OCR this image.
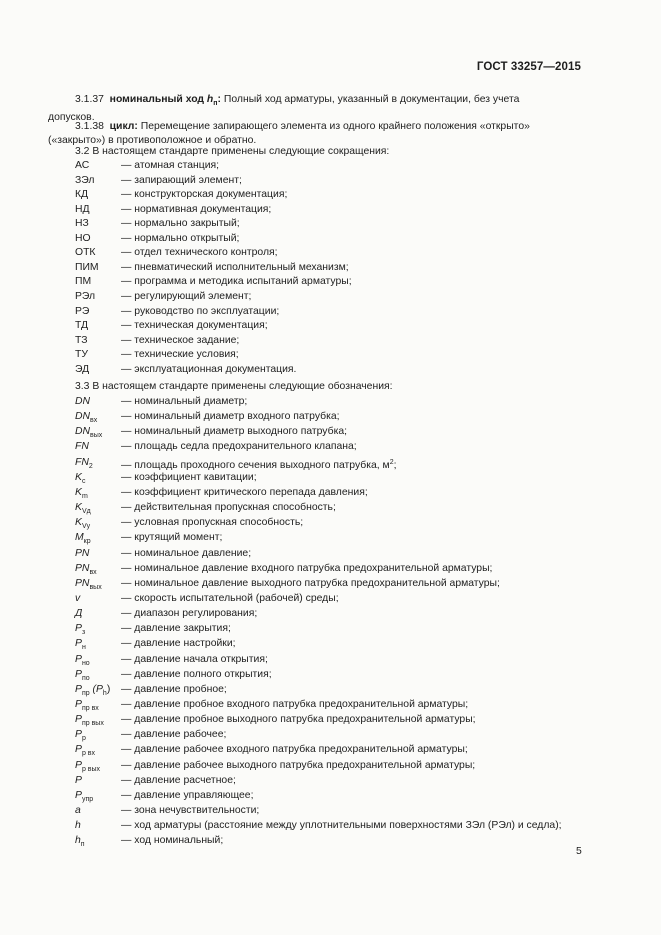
ГОСТ 33257—2015
3.1.37 номинальный ход $h_п$: Полный ход арматуры, указанный в документации, без учета
допусков.
3.1.38 цикл: Перемещение запирающего элемента из одного крайнего положения «открыто»
(«закрыто») в противоположное и обратно.
3.2 В настоящем стандарте применены следующие сокращения:
АС	— атомная станция;
ЗЭл	— запирающий элемент;
КД	— конструкторская документация;
НД	— нормативная документация;
НЗ	— нормально закрытый;
НО	— нормально открытый;
ОТК — отдел технического контроля;
ПИМ — пневматический исполнительный механизм;
ПМ	— программа и методика испытаний арматуры;
РЭл — регулирующий элемент;
РЭ	— руководство по эксплуатации;
ТД	— техническая документация;
ТЗ	— техническое задание;
ТУ	— технические условия;
ЭД	— эксплуатационная документация.
3.3 В настоящем стандарте применены следующие обозначения:
DN	— номинальный диаметр;
$DN_{вх}$ — номинальный диаметр входного патрубка;
$DN_{вых}$ — номинальный диаметр выходного патрубка;
FN	— площадь седла предохранительного клапана;
$FN_2$	— площадь проходного сечения выходного патрубка, $м^2$;
$K_c$	— коэффициент кавитации;
$K_m$	— коэффициент критического перепада давления;
$K_{Vд}$	— действительная пропускная способность;
$K_{Vу}$	— условная пропускная способность;
$M_{кр}$	— крутящий момент;
PN	— номинальное давление;
$PN_{вх}$ — номинальное давление входного патрубка предохранительной арматуры;
$PN_{вых}$ — номинальное давление выходного патрубка предохранительной арматуры;
v	— скорость испытательной (рабочей) среды;
Д	— диапазон регулирования;
$P_з$	— давление закрытия;
$P_н$	— давление настройки;
$P_{но}$	— давление начала открытия;
$P_{по}$	— давление полного открытия;
$P_{пр}$ $(P_h)$ — давление пробное;
$P_{пр вх}$ — давление пробное входного патрубка предохранительной арматуры;
$P_{пр вых}$ — давление пробное выходного патрубка предохранительной арматуры;
$P_р$	— давление рабочее;
$P_{р вх}$	— давление рабочее входного патрубка предохранительной арматуры;
$P_{р вых}$ — давление рабочее выходного патрубка предохранительной арматуры;
P	— давление расчетное;
$P_{упр}$	— давление управляющее;
a	— зона нечувствительности;
h	— ход арматуры (расстояние между уплотнительными поверхностями ЗЭл (РЭл) и седла);
$h_п$	— ход номинальный;
5
